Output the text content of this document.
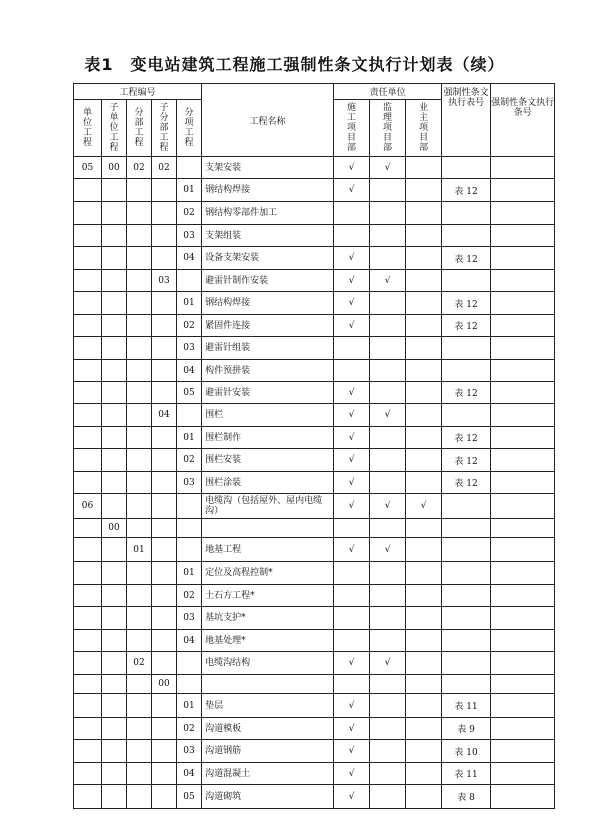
表1　变电站建筑工程施工强制性条文执行计划表（续）
工程编号					工程名称	责任单位			强制性条文执行表号	强制性条文执行条号
单位工程	子单位工程	分部工程	子分部工程	分项工程		施工项目部	监理项目部	业主项目部		
05	00	02	02		支架安装	√	√			
				01	钢结构焊接	√			表 12	
				02	钢结构零部件加工					
				03	支架组装					
				04	设备支架安装	√			表 12	
			03		避雷针制作安装	√	√			
				01	钢结构焊接	√			表 12	
				02	紧固件连接	√			表 12	
				03	避雷针组装					
				04	构件预拼装					
				05	避雷针安装	√			表 12	
			04		围栏	√	√			
				01	围栏制作	√			表 12	
				02	围栏安装	√			表 12	
				03	围栏涂装	√			表 12	
06					电缆沟（包括屋外、屋内电缆沟）	√	√	√		
	00									
		01			地基工程	√	√			
				01	定位及高程控制*					
				02	土石方工程*					
				03	基坑支护*					
				04	地基处理*					
		02			电缆沟结构	√	√			
			00							
				01	垫层	√			表 11	
				02	沟道模板	√			表 9	
				03	沟道钢筋	√			表 10	
				04	沟道混凝土	√			表 11	
				05	沟道砌筑	√			表 8	
